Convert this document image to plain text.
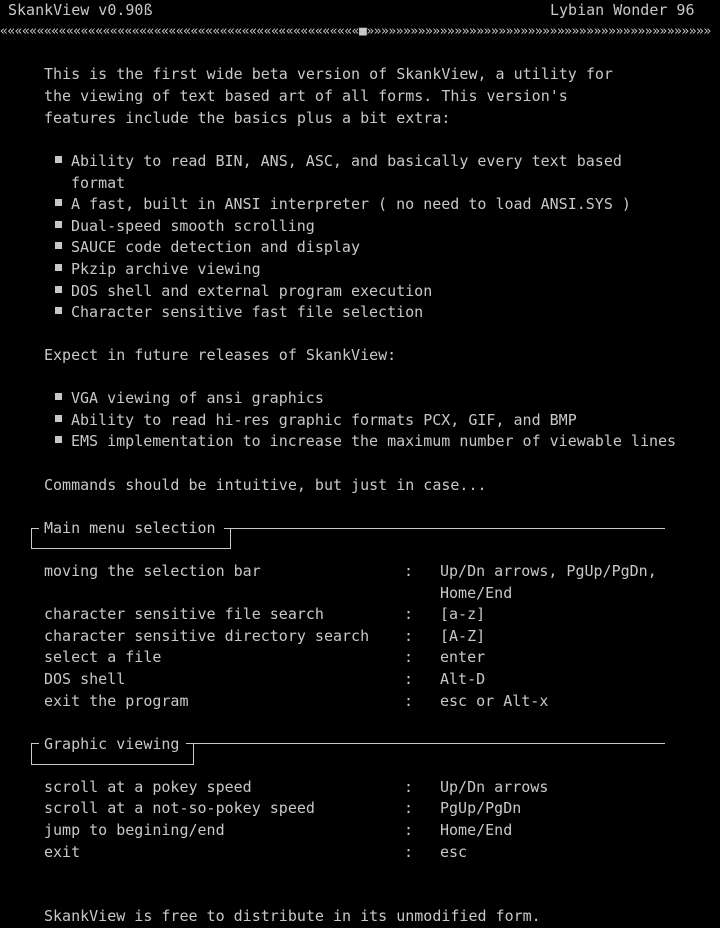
SkankView v0.90ß	Lybian Wonder 96
«««««««««««««««««««««««««««««««««««««««««««««««««■»»»»»»»»»»»»»»»»»»»»»»»»»»»»»»»»»»»»»»»»»»»»»»»
This is the first wide beta version of SkankView, a utility for
the viewing of text based art of all forms. This version's
features include the basics plus a bit extra:
Ability to read BIN, ANS, ASC, and basically every text based
format
A fast, built in ANSI interpreter ( no need to load ANSI.SYS )
Dual-speed smooth scrolling
SAUCE code detection and display
Pkzip archive viewing
DOS shell and external program execution
Character sensitive fast file selection
Expect in future releases of SkankView:
VGA viewing of ansi graphics
Ability to read hi-res graphic formats PCX, GIF, and BMP
EMS implementation to increase the maximum number of viewable lines
Commands should be intuitive, but just in case...
Main menu selection
moving the selection bar	: Up/Dn arrows, PgUp/PgDn,
Home/End
character sensitive file search	: [a-z]
character sensitive directory search : [A-Z]
select a file	: enter
DOS shell	: Alt-D
exit the program	: esc or Alt-x
Graphic viewing
scroll at a pokey speed	: Up/Dn arrows
scroll at a not-so-pokey speed	: PgUp/PgDn
jump to begining/end	: Home/End
exit	: esc
SkankView is free to distribute in its unmodified form.
